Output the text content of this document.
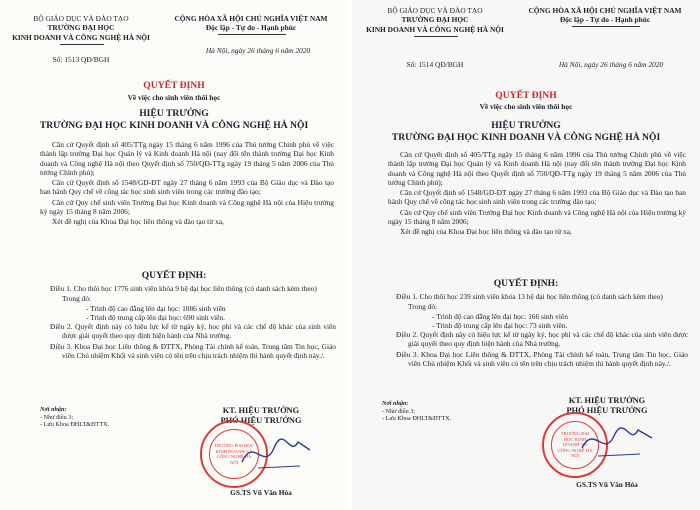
BỘ GIÁO DỤC VÀ ĐÀO TẠO
TRƯỜNG ĐẠI HỌC
KINH DOANH VÀ CÔNG NGHỆ HÀ NỘI
Số: 1513 QĐ/BGH
CỘNG HÒA XÃ HỘI CHỦ NGHĨA VIỆT NAM
Độc lập - Tự do - Hạnh phúc
Hà Nội, ngày 26 tháng 6 năm 2020
QUYẾT ĐỊNH
Về việc cho sinh viên thôi học
HIỆU TRƯỞNG
TRƯỜNG ĐẠI HỌC KINH DOANH VÀ CÔNG NGHỆ HÀ NỘI

Căn cứ Quyết định số 405/TTg ngày 15 tháng 6 năm 1996 của Thủ tướng Chính phủ về việc thành lập trường Đại học Quản lý và Kinh doanh Hà nội (nay đổi tên thành trường Đại học Kinh doanh và Công nghệ Hà nội theo Quyết định số 750/QĐ-TTg ngày 19 tháng 5 năm 2006 của Thủ tướng Chính phủ);

Căn cứ Quyết định số 1548/GD-ĐT ngày 27 tháng 6 năm 1993 của Bộ Giáo dục và Đào tạo ban hành Quy chế về công tác học sinh sinh viên trong các trường đào tạo;

Căn cứ Quy chế sinh viên Trường Đại học Kinh doanh và Công nghệ Hà nội của Hiệu trưởng ký ngày 15 tháng 8 năm 2006;

Xét đề nghị của Khoa Đại học liên thông và đào tạo từ xa,

QUYẾT ĐỊNH:

Điều 1. Cho thôi học 1776 sinh viên khóa 9 hệ đại học liên thông (có danh sách kèm theo)

Trong đó:

- Trình độ cao đẳng lên đại học: 1086 sinh viên

- Trình độ trung cấp lên đại học: 690 sinh viên.

Điều 2. Quyết định này có hiệu lực kể từ ngày ký, học phí và các chế độ khác của sinh viên được giải quyết theo quy định hiện hành của Nhà trường.

Điều 3. Khoa Đại học Liên thông & ĐTTX, Phòng Tài chính kế toán, Trung tâm Tin học, Giáo viên Chủ nhiệm Khối và sinh viên có tên trên chịu trách nhiệm thi hành quyết định này./.

Nơi nhận:
- Như điều 3;
- Lưu Khoa ĐHLT&ĐTTX.
KT. HIỆU TRƯỞNG
PHÓ HIỆU TRƯỞNG
TRƯỜNG ĐẠI HỌC KINH DOANH VÀ CÔNG NGHỆ HÀ NỘI
GS.TS Vũ Văn Hóa
BỘ GIÁO DỤC VÀ ĐÀO TẠO
TRƯỜNG ĐẠI HỌC
KINH DOANH VÀ CÔNG NGHỆ HÀ NỘI
Số: 1514 QĐ/BGH
CỘNG HÒA XÃ HỘI CHỦ NGHĨA VIỆT NAM
Độc lập - Tự do - Hạnh phúc
Hà Nội, ngày 26 tháng 6 năm 2020
QUYẾT ĐỊNH
Về việc cho sinh viên thôi học
HIỆU TRƯỞNG
TRƯỜNG ĐẠI HỌC KINH DOANH VÀ CÔNG NGHỆ HÀ NỘI

Căn cứ Quyết định số 405/TTg ngày 15 tháng 6 năm 1996 của Thủ tướng Chính phủ về việc thành lập trường Đại học Quản lý và Kinh doanh Hà nội (nay đổi tên thành trường Đại học Kinh doanh và Công nghệ Hà nội theo Quyết định số 750/QĐ-TTg ngày 19 tháng 5 năm 2006 của Thủ tướng Chính phủ);

Căn cứ Quyết định số 1548/GD-ĐT ngày 27 tháng 6 năm 1993 của Bộ Giáo dục và Đào tạo ban hành Quy chế về công tác học sinh sinh viên trong các trường đào tạo;

Căn cứ Quy chế sinh viên Trường Đại học Kinh doanh và Công nghệ Hà nội của Hiệu trưởng ký ngày 15 tháng 8 năm 2006;

Xét đề nghị của Khoa Đại học liên thông và đào tạo từ xa,

QUYẾT ĐỊNH:

Điều 1. Cho thôi học 239 sinh viên khóa 13 hệ đại học liên thông (có danh sách kèm theo)

Trong đó:

- Trình độ cao đẳng lên đại học: 166 sinh viên

- Trình độ trung cấp lên đại học: 73 sinh viên.

Điều 2. Quyết định này có hiệu lực kể từ ngày ký, học phí và các chế độ khác của sinh viên được giải quyết theo quy định hiện hành của Nhà trường.

Điều 3. Khoa Đại học Liên thông & ĐTTX, Phòng Tài chính kế toán, Trung tâm Tin học, Giáo viên Chủ nhiệm Khối và sinh viên có tên trên chịu trách nhiệm thi hành quyết định này./.

Nơi nhận:
- Như điều 3;
- Lưu Khoa ĐHLT&ĐTTX.
KT. HIỆU TRƯỞNG
PHÓ HIỆU TRƯỞNG
TRƯỜNG ĐẠI HỌC KINH DOANH VÀ CÔNG NGHỆ HÀ NỘI
GS.TS Vũ Văn Hóa
